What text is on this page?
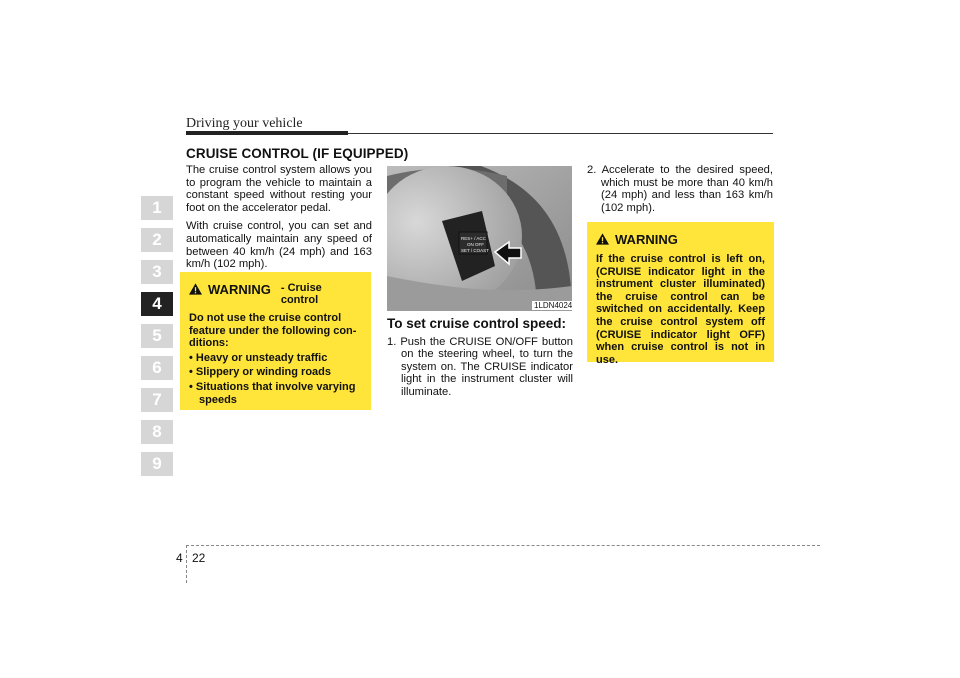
Driving your vehicle
CRUISE CONTROL (IF EQUIPPED)
1
2
3
4
5
6
7
8
9

The cruise control system allows you to program the vehicle to maintain a constant speed without resting your foot on the accelerator pedal.

With cruise control, you can set and automatically maintain any speed of between 40 km/h (24 mph) and 163 km/h (102 mph).

WARNING - Cruise control
Do not use the cruise control feature under the following con-ditions:
• Heavy or unsteady traffic
• Slippery or winding roads
• Situations that involve varying speeds
RES+ / ACC
ON OFF
SET / COAST
1LDN4024
To set cruise control speed:

1. Push the CRUISE ON/OFF button on the steering wheel, to turn the system on. The CRUISE indicator light in the instrument cluster will illuminate.

2. Accelerate to the desired speed, which must be more than 40 km/h (24 mph) and less than 163 km/h (102 mph).

WARNING
If the cruise control is left on, (CRUISE indicator light in the instrument cluster illuminated) the cruise control can be switched on accidentally. Keep the cruise control system off (CRUISE indicator light OFF) when cruise control is not in use.
4 22
